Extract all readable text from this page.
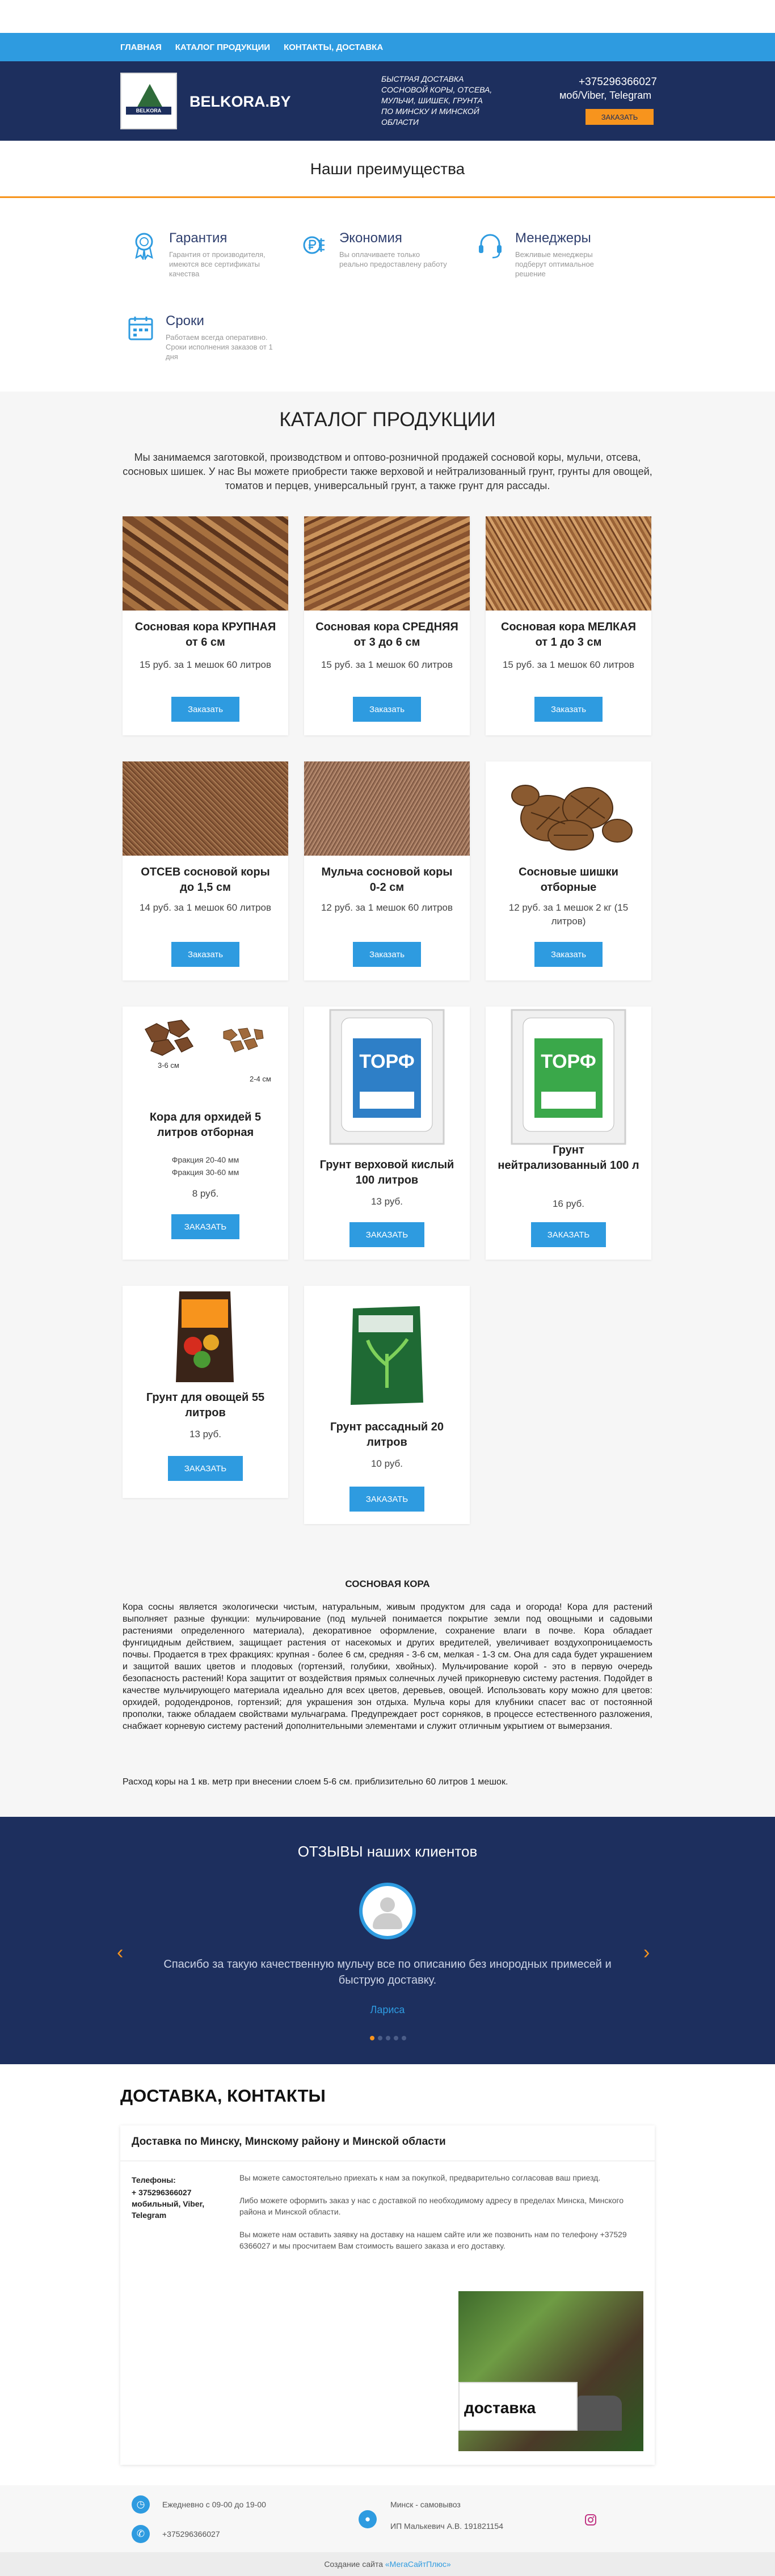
ГЛАВНАЯ КАТАЛОГ ПРОДУКЦИИ КОНТАКТЫ, ДОСТАВКА
BELKORA
BELKORA.BY
БЫСТРАЯ ДОСТАВКА СОСНОВОЙ КОРЫ, ОТСЕВА, МУЛЬЧИ, ШИШЕК, ГРУНТА ПО МИНСКУ И МИНСКОЙ ОБЛАСТИ
+375296366027
моб/Viber, Telegram
ЗАКАЗАТЬ
Наши преимущества
Гарантия
Гарантия от производителя, имеются все сертификаты качества
Экономия
Вы оплачиваете только реально предоставлену работу
Менеджеры
Вежливые менеджеры подберут оптимальное решение
Сроки
Работаем всегда оперативно. Сроки исполнения заказов от 1 дня
КАТАЛОГ ПРОДУКЦИИ
Мы занимаемся заготовкой, производством и оптово-розничной продажей сосновой коры, мульчи, отсева, сосновых шишек. У нас Вы можете приобрести также верховой и нейтрализованный грунт, грунты для овощей, томатов и перцев, универсальный грунт, а также грунт для рассады.
Сосновая кора КРУПНАЯ от 6 см
15 руб. за 1 мешок 60 литров
Заказать
Сосновая кора СРЕДНЯЯ от 3 до 6 см
15 руб. за 1 мешок 60 литров
Заказать
Сосновая кора МЕЛКАЯ от 1 до 3 см
15 руб. за 1 мешок 60 литров
Заказать
ОТСЕВ сосновой коры до 1,5 см
14 руб. за 1 мешок 60 литров
Заказать
Мульча сосновой коры 0-2 см
12 руб. за 1 мешок 60 литров
Заказать
Сосновые шишки отборные
12 руб. за 1 мешок 2 кг (15 литров)
Заказать
3-6 см
2-4 см
Кора для орхидей 5 литров отборная
Фракция 20-40 мм
Фракция 30-60 мм
8 руб.
ЗАКАЗАТЬ
ТОРФ
Грунт верховой кислый 100 литров
13 руб.
ЗАКАЗАТЬ
ТОРФ
Грунт нейтрализованный 100 л
16 руб.
ЗАКАЗАТЬ
Грунт для овощей 55 литров
13 руб.
ЗАКАЗАТЬ
Грунт рассадный 20 литров
10 руб.
ЗАКАЗАТЬ
СОСНОВАЯ КОРА
Кора сосны является экологически чистым, натуральным, живым продуктом для сада и огорода! Кора для растений выполняет разные функции: мульчирование (под мульчей понимается покрытие земли под овощными и садовыми растениями определенного материала), декоративное оформление, сохранение влаги в почве. Кора обладает фунгицидным действием, защищает растения от насекомых и других вредителей, увеличивает воздухопроницаемость почвы. Продается в трех фракциях: крупная - более 6 см, средняя - 3-6 см, мелкая - 1-3 см. Она для сада будет украшением и защитой ваших цветов и плодовых (гортензий, голубики, хвойных). Мульчирование корой - это в первую очередь безопасность растений! Кора защитит от воздействия прямых солнечных лучей прикорневую систему растения. Подойдет в качестве мульчирующего материала идеально для всех цветов, деревьев, овощей. Использовать кору можно для цветов: орхидей, рододендронов, гортензий; для украшения зон отдыха. Мульча коры для клубники спасет вас от постоянной прополки, также обладаем свойствами мульчаграма. Предупреждает рост сорняков, в процессе естественного разложения, снабжает корневую систему растений дополнительными элементами и служит отличным укрытием от вымерзания.
Расход коры на 1 кв. метр при внесении слоем 5-6 см. приблизительно 60 литров 1 мешок.
ОТЗЫВЫ наших клиентов
‹	›
Спасибо за такую качественную мульчу все по описанию без инородных примесей и быструю доставку.
Лариса
ДОСТАВКА, КОНТАКТЫ
Доставка по Минску, Минскому району и Минской области
Телефоны:
+ 375296366027 мобильный, Viber, Telegram
Вы можете самостоятельно приехать к нам за покупкой, предварительно согласовав ваш приезд.
Либо можете оформить заказ у нас с доставкой по необходимому адресу в пределах Минска, Минского района и Минской области.
Вы можете нам оставить заявку на доставку на нашем сайте или же позвонить нам по телефону +37529 6366027 и мы просчитаем Вам стоимость вашего заказа и его доставку.
доставка
◷	Ежедневно с 09-00 до 19-00
✆	+375296366027
●
Минск - самовывоз
ИП Малькевич А.В. 191821154
Создание сайта «МегаСайтПлюс»
